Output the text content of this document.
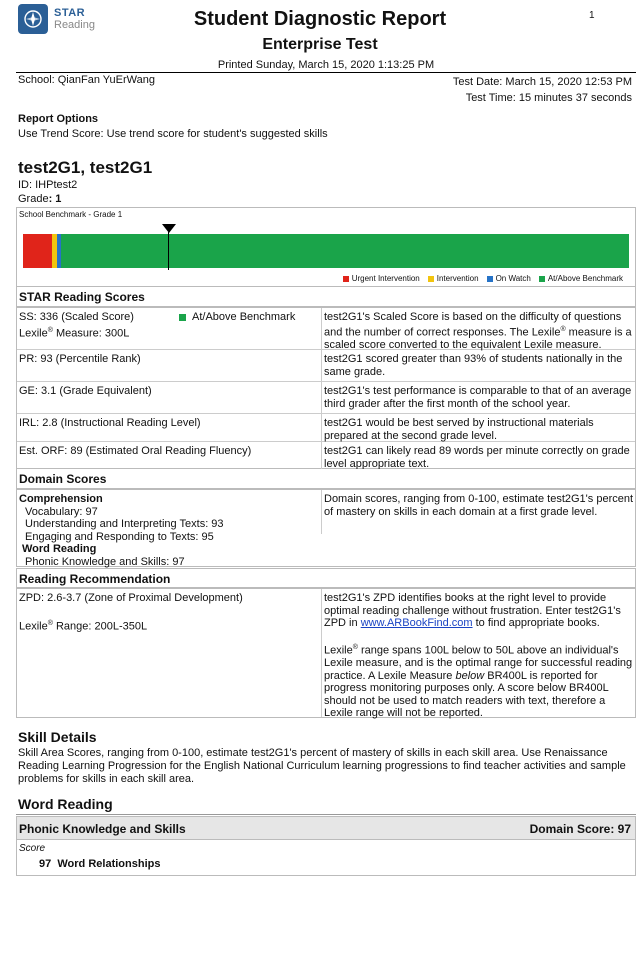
STAR
Reading
1
Student Diagnostic Report
Enterprise Test
Printed Sunday, March 15, 2020 1:13:25 PM
School: QianFan YuErWang	Test Date: March 15, 2020 12:53 PM
Test Time: 15 minutes 37 seconds
Report Options
Use Trend Score: Use trend score for student's suggested skills
test2G1, test2G1
ID: IHPtest2
Grade: 1
School Benchmark - Grade 1
Urgent Intervention Intervention On Watch At/Above Benchmark
STAR Reading Scores
SS: 336 (Scaled Score)
Lexile® Measure: 300L
At/Above Benchmark	test2G1's Scaled Score is based on the difficulty of questions and the number of correct responses. The Lexile® measure is a scaled score converted to the equivalent Lexile measure.
PR: 93 (Percentile Rank)	test2G1 scored greater than 93% of students nationally in the same grade.
GE: 3.1 (Grade Equivalent)	test2G1's test performance is comparable to that of an average third grader after the first month of the school year.
IRL: 2.8 (Instructional Reading Level)	test2G1 would be best served by instructional materials prepared at the second grade level.
Est. ORF: 89 (Estimated Oral Reading Fluency)	test2G1 can likely read 89 words per minute correctly on grade level appropriate text.
Domain Scores
Comprehension
Vocabulary: 97
Understanding and Interpreting Texts: 93
Engaging and Responding to Texts: 95
Word Reading
Phonic Knowledge and Skills: 97
Domain scores, ranging from 0-100, estimate test2G1's percent of mastery on skills in each domain at a first grade level.
Reading Recommendation
ZPD: 2.6-3.7 (Zone of Proximal Development)
Lexile® Range: 200L-350L
test2G1's ZPD identifies books at the right level to provide optimal reading challenge without frustration. Enter test2G1's ZPD in www.ARBookFind.com to find appropriate books.
Lexile® range spans 100L below to 50L above an individual's Lexile measure, and is the optimal range for successful reading practice. A Lexile Measure below BR400L is reported for progress monitoring purposes only. A score below BR400L should not be used to match readers with text, therefore a Lexile range will not be reported.
Skill Details
Skill Area Scores, ranging from 0-100, estimate test2G1's percent of mastery of skills in each skill area. Use Renaissance Reading Learning Progression for the English National Curriculum learning progressions to find teacher activities and sample problems for skills in each skill area.
Word Reading
Phonic Knowledge and Skills	Domain Score: 97
Score
97 Word Relationships
